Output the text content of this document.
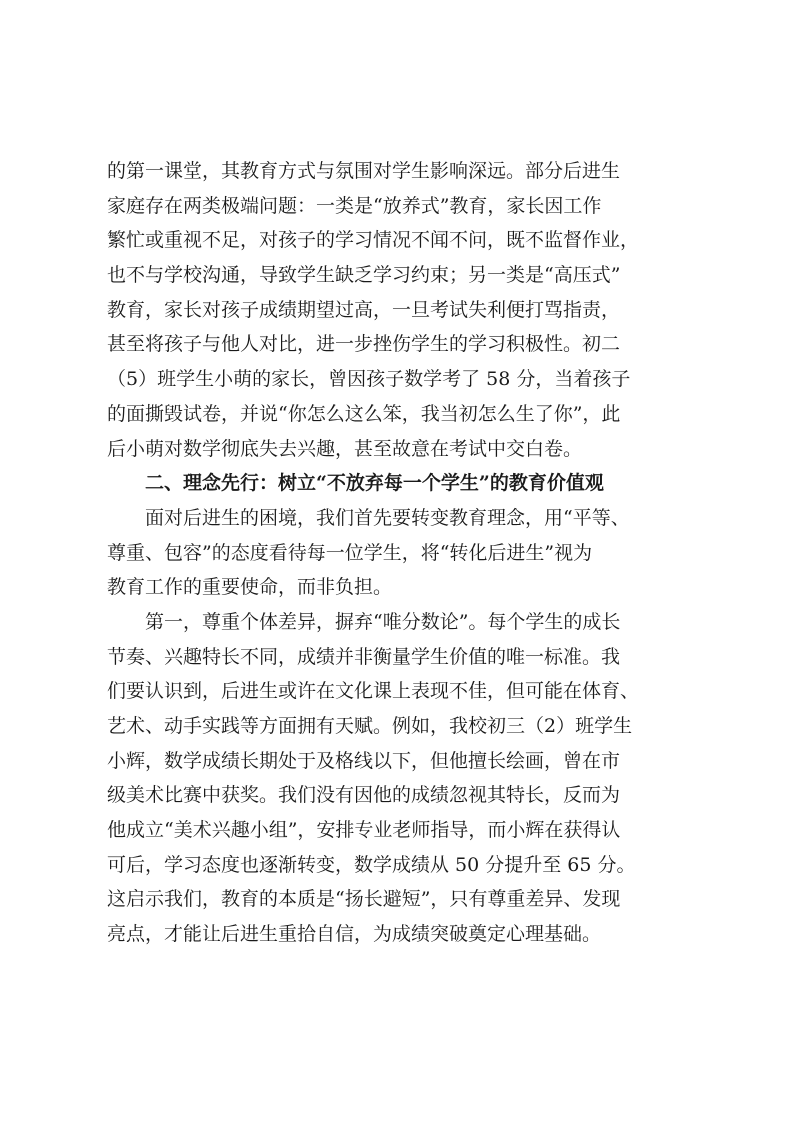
的第一课堂，其教育方式与氛围对学生影响深远。部分后进生
家庭存在两类极端问题：一类是“放养式”教育，家长因工作
繁忙或重视不足，对孩子的学习情况不闻不问，既不监督作业，
也不与学校沟通，导致学生缺乏学习约束；另一类是“高压式”
教育，家长对孩子成绩期望过高，一旦考试失利便打骂指责，
甚至将孩子与他人对比，进一步挫伤学生的学习积极性。初二
（5）班学生小萌的家长，曾因孩子数学考了 58 分，当着孩子
的面撕毁试卷，并说“你怎么这么笨，我当初怎么生了你”，此
后小萌对数学彻底失去兴趣，甚至故意在考试中交白卷。
二、理念先行：树立“不放弃每一个学生”的教育价值观
面对后进生的困境，我们首先要转变教育理念，用“平等、
尊重、包容”的态度看待每一位学生，将“转化后进生”视为
教育工作的重要使命，而非负担。
第一，尊重个体差异，摒弃“唯分数论”。每个学生的成长
节奏、兴趣特长不同，成绩并非衡量学生价值的唯一标准。我
们要认识到，后进生或许在文化课上表现不佳，但可能在体育、
艺术、动手实践等方面拥有天赋。例如，我校初三（2）班学生
小辉，数学成绩长期处于及格线以下，但他擅长绘画，曾在市
级美术比赛中获奖。我们没有因他的成绩忽视其特长，反而为
他成立“美术兴趣小组”，安排专业老师指导，而小辉在获得认
可后，学习态度也逐渐转变，数学成绩从 50 分提升至 65 分。
这启示我们，教育的本质是“扬长避短”，只有尊重差异、发现
亮点，才能让后进生重拾自信，为成绩突破奠定心理基础。
